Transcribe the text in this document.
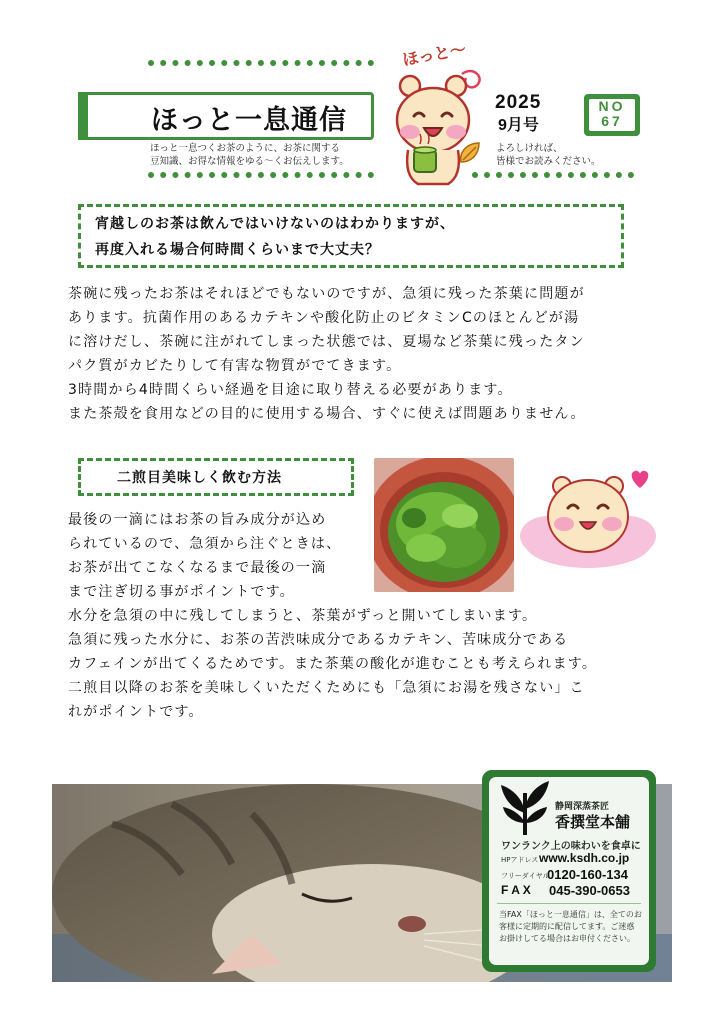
ほっと一息通信
ほっと一息つくお茶のように、お茶に関する
豆知識、お得な情報をゆる〜くお伝えします。
ほっと〜
2025
9月号
NO
67
よろしければ、
皆様でお読みください。
宵越しのお茶は飲んではいけないのはわかりますが、
再度入れる場合何時間くらいまで大丈夫？
茶碗に残ったお茶はそれほどでもないのですが、急須に残った茶葉に問題が
あります。抗菌作用のあるカテキンや酸化防止のビタミンCのほとんどが湯
に溶けだし、茶碗に注がれてしまった状態では、夏場など茶葉に残ったタン
パク質がカビたりして有害な物質がでてきます。
3時間から4時間くらい経過を目途に取り替える必要があります。
また茶殻を食用などの目的に使用する場合、すぐに使えば問題ありません。
二煎目美味しく飲む方法
最後の一滴にはお茶の旨み成分が込め
られているので、急須から注ぐときは、
お茶が出てこなくなるまで最後の一滴
まで注ぎ切る事がポイントです。
水分を急須の中に残してしまうと、茶葉がずっと開いてしまいます。
急須に残った水分に、お茶の苦渋味成分であるカテキン、苦味成分である
カフェインが出てくるためです。また茶葉の酸化が進むことも考えられます。
二煎目以降のお茶を美味しくいただくためにも「急須にお湯を残さない」こ
れがポイントです。
静岡深蒸茶匠
香撰堂本舗
ワンランク上の味わいを食卓に
HPアドレス www.ksdh.co.jp
フリーダイヤル
0120-160-134
F A X 045-390-0653
当FAX「ほっと一息通信」は、全てのお
客様に定期的に配信してます。ご迷惑
お掛けしてる場合はお申付ください。
